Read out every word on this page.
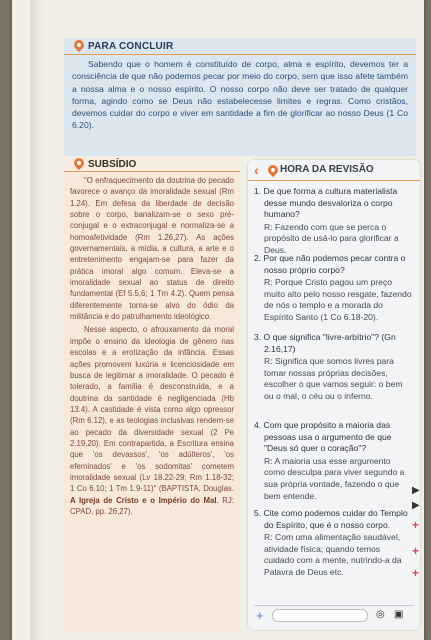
PARA CONCLUIR
Sabendo que o homem é constituído de corpo, alma e espírito, devemos ter a consciência de que não podemos pecar por meio do corpo, sem que isso afete também a nossa alma e o nosso espírito. O nosso corpo não deve ser tratado de qualquer forma, agindo como se Deus não estabelecesse limites e regras. Como cristãos, devemos cuidar do corpo e viver em santidade a fim de glorificar ao nosso Deus (1 Co 6.20).
SUBSÍDIO

"O enfraquecimento da doutrina do pecado favorece o avanço da imoralidade sexual (Rm 1.24). Em defesa da liberdade de decisão sobre o corpo, banalizam-se o sexo pré-conjugal e o extraconjugal e normaliza-se a homoafetividade (Rm 1.26,27). As ações governamentais, a mídia, a cultura, a arte e o entretenimento engajam-se para fazer da prática imoral algo comum. Eleva-se a imoralidade sexual ao status de direito fundamental (Ef 5.5,6; 1 Tm 4.2). Quem pensa diferentemente torna-se alvo do ódio da militância e do patrulhamento ideológico.

Nesse aspecto, o afrouxamento da moral impõe o ensino da ideologia de gênero nas escolas e a erotização da infância. Essas ações promovem luxúria e licenciosidade em busca de legitimar a imoralidade. O pecado é tolerado, a família é desconstruída, e a doutrina da santidade é negligenciada (Hb 13.4). A castidade é vista como algo opressor (Rm 6.12), e as teologias inclusivas rendem-se ao pecado da diversidade sexual (2 Pe 2.19,20). Em contrapartida, a Escritura ensina que 'os devassos', 'os adúlteros', 'os efeminados' e 'os sodomitas' cometem imoralidade sexual (Lv 18.22-29; Rm 1.18-32; 1 Co 6.10; 1 Tm 1.9-11)" (BAPTISTA, Douglas. A Igreja de Cristo e o Império do Mal. RJ: CPAD, pp. 26,27).

‹ HORA DA REVISÃO
1. De que forma a cultura materialista desse mundo desvaloriza o corpo humano?
R: Fazendo com que se perca o propósito de usá-lo para glorificar a Deus.
2. Por que não podemos pecar contra o nosso próprio corpo?
R: Porque Cristo pagou um preço muito alto pelo nosso resgate, fazendo de nós o templo e a morada do Espírito Santo (1 Co 6.18-20).
3. O que significa "livre-arbítrio"? (Gn 2.16,17)
R: Significa que somos livres para tomar nossas próprias decisões, escolher o que vamos seguir: o bem ou o mal, o céu ou o inferno.
4. Com que propósito a maioria das pessoas usa o argumento de que "Deus só quer o coração"?
R: A maioria usa esse argumento como desculpa para viver segundo a sua própria vontade, fazendo o que bem entende.
5. Cite como podemos cuidar do Templo do Espírito, que é o nosso corpo.
R: Com uma alimentação saudável, atividade física; quando temos cuidado com a mente, nutrindo-a da Palavra de Deus etc.
+	◎ ▣
▶
▶
+
+
+
